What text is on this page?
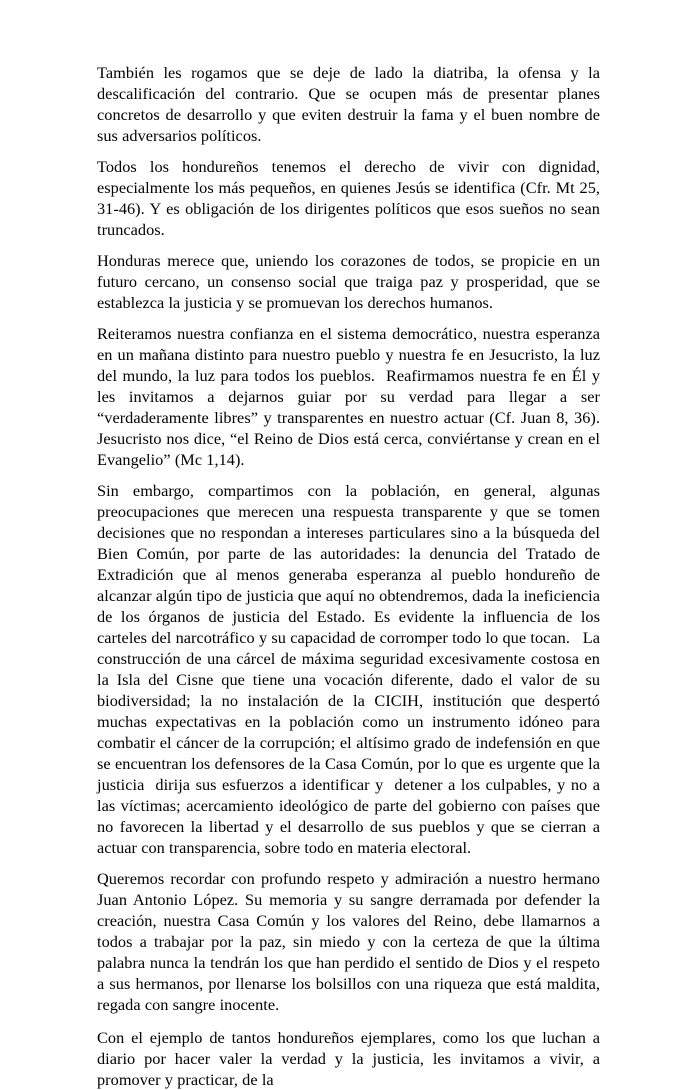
También les rogamos que se deje de lado la diatriba, la ofensa y la descalificación del contrario. Que se ocupen más de presentar planes concretos de desarrollo y que eviten destruir la fama y el buen nombre de sus adversarios políticos.

Todos los hondureños tenemos el derecho de vivir con dignidad, especialmente los más pequeños, en quienes Jesús se identifica (Cfr. Mt 25, 31-46). Y es obligación de los dirigentes políticos que esos sueños no sean truncados.

Honduras merece que, uniendo los corazones de todos, se propicie en un futuro cercano, un consenso social que traiga paz y prosperidad, que se establezca la justicia y se promuevan los derechos humanos.

Reiteramos nuestra confianza en el sistema democrático, nuestra esperanza en un mañana distinto para nuestro pueblo y nuestra fe en Jesucristo, la luz del mundo, la luz para todos los pueblos.  Reafirmamos nuestra fe en Él y les invitamos a dejarnos guiar por su verdad para llegar a ser “verdaderamente libres” y transparentes en nuestro actuar (Cf. Juan 8, 36). Jesucristo nos dice, “el Reino de Dios está cerca, conviértanse y crean en el Evangelio” (Mc 1,14).

Sin embargo, compartimos con la población, en general, algunas preocupaciones que merecen una respuesta transparente y que se tomen decisiones que no respondan a intereses particulares sino a la búsqueda del Bien Común, por parte de las autoridades: la denuncia del Tratado de Extradición que al menos generaba esperanza al pueblo hondureño de alcanzar algún tipo de justicia que aquí no obtendremos, dada la ineficiencia de los órganos de justicia del Estado. Es evidente la influencia de los carteles del narcotráfico y su capacidad de corromper todo lo que tocan.   La construcción de una cárcel de máxima seguridad excesivamente costosa en la Isla del Cisne que tiene una vocación diferente, dado el valor de su biodiversidad; la no instalación de la CICIH, institución que despertó muchas expectativas en la población como un instrumento idóneo para combatir el cáncer de la corrupción; el altísimo grado de indefensión en que se encuentran los defensores de la Casa Común, por lo que es urgente que la justicia  dirija sus esfuerzos a identificar y  detener a los culpables, y no a las víctimas; acercamiento ideológico de parte del gobierno con países que no favorecen la libertad y el desarrollo de sus pueblos y que se cierran a actuar con transparencia, sobre todo en materia electoral.

Queremos recordar con profundo respeto y admiración a nuestro hermano Juan Antonio López. Su memoria y su sangre derramada por defender la creación, nuestra Casa Común y los valores del Reino, debe llamarnos a todos a trabajar por la paz, sin miedo y con la certeza de que la última palabra nunca la tendrán los que han perdido el sentido de Dios y el respeto a sus hermanos, por llenarse los bolsillos con una riqueza que está maldita, regada con sangre inocente.

Con el ejemplo de tantos hondureños ejemplares, como los que luchan a diario por hacer valer la verdad y la justicia, les invitamos a vivir, a promover y practicar, de la
